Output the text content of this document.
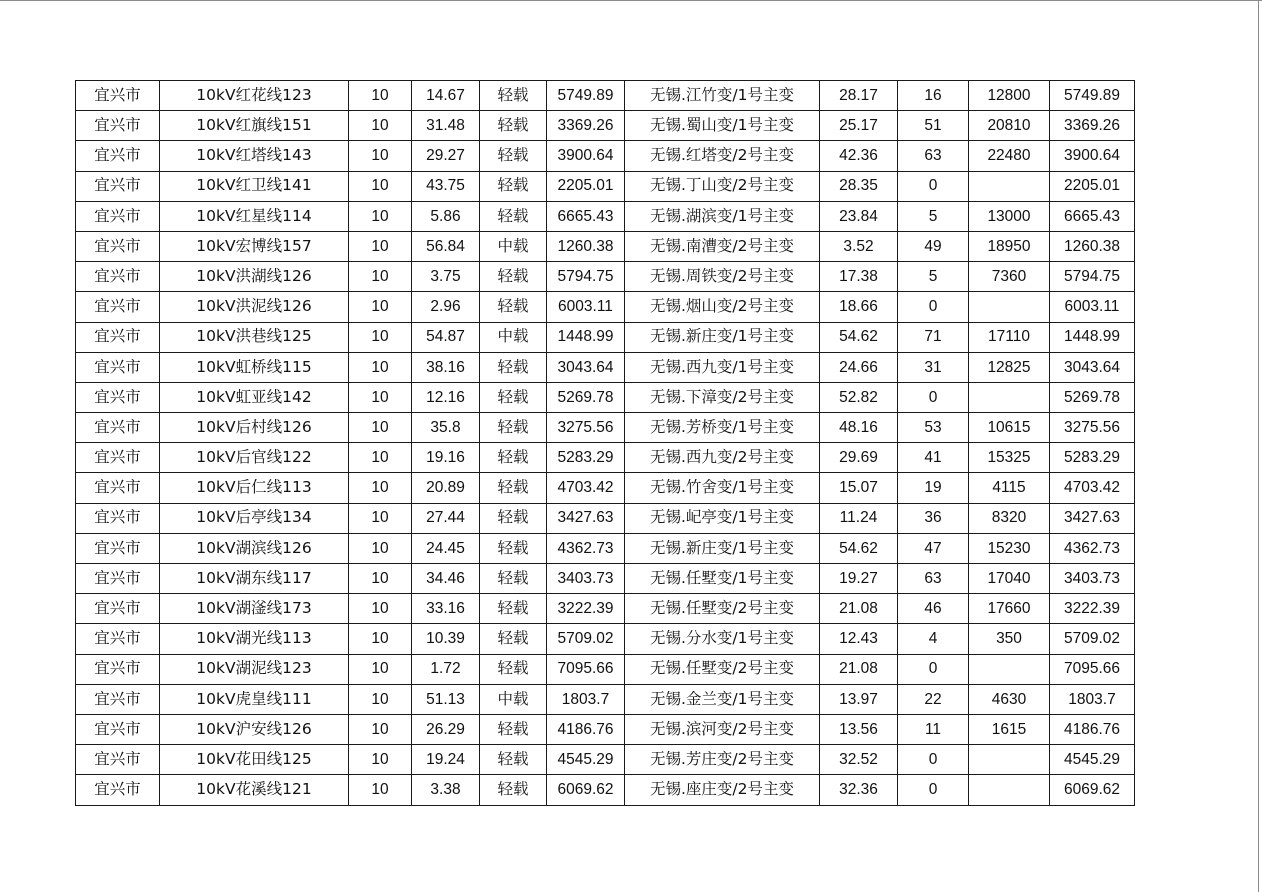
宜兴市	10kV红花线123	10	14.67	轻载	5749.89	无锡.江竹变/1号主变	28.17	16	12800	5749.89
宜兴市	10kV红旗线151	10	31.48	轻载	3369.26	无锡.蜀山变/1号主变	25.17	51	20810	3369.26
宜兴市	10kV红塔线143	10	29.27	轻载	3900.64	无锡.红塔变/2号主变	42.36	63	22480	3900.64
宜兴市	10kV红卫线141	10	43.75	轻载	2205.01	无锡.丁山变/2号主变	28.35	0		2205.01
宜兴市	10kV红星线114	10	5.86	轻载	6665.43	无锡.湖滨变/1号主变	23.84	5	13000	6665.43
宜兴市	10kV宏博线157	10	56.84	中载	1260.38	无锡.南漕变/2号主变	3.52	49	18950	1260.38
宜兴市	10kV洪湖线126	10	3.75	轻载	5794.75	无锡.周铁变/2号主变	17.38	5	7360	5794.75
宜兴市	10kV洪泥线126	10	2.96	轻载	6003.11	无锡.烟山变/2号主变	18.66	0		6003.11
宜兴市	10kV洪巷线125	10	54.87	中载	1448.99	无锡.新庄变/1号主变	54.62	71	17110	1448.99
宜兴市	10kV虹桥线115	10	38.16	轻载	3043.64	无锡.西九变/1号主变	24.66	31	12825	3043.64
宜兴市	10kV虹亚线142	10	12.16	轻载	5269.78	无锡.下漳变/2号主变	52.82	0		5269.78
宜兴市	10kV后村线126	10	35.8	轻载	3275.56	无锡.芳桥变/1号主变	48.16	53	10615	3275.56
宜兴市	10kV后官线122	10	19.16	轻载	5283.29	无锡.西九变/2号主变	29.69	41	15325	5283.29
宜兴市	10kV后仁线113	10	20.89	轻载	4703.42	无锡.竹舍变/1号主变	15.07	19	4115	4703.42
宜兴市	10kV后亭线134	10	27.44	轻载	3427.63	无锡.屺亭变/1号主变	11.24	36	8320	3427.63
宜兴市	10kV湖滨线126	10	24.45	轻载	4362.73	无锡.新庄变/1号主变	54.62	47	15230	4362.73
宜兴市	10kV湖东线117	10	34.46	轻载	3403.73	无锡.任墅变/1号主变	19.27	63	17040	3403.73
宜兴市	10kV湖滏线173	10	33.16	轻载	3222.39	无锡.任墅变/2号主变	21.08	46	17660	3222.39
宜兴市	10kV湖光线113	10	10.39	轻载	5709.02	无锡.分水变/1号主变	12.43	4	350	5709.02
宜兴市	10kV湖泥线123	10	1.72	轻载	7095.66	无锡.任墅变/2号主变	21.08	0		7095.66
宜兴市	10kV虎皇线111	10	51.13	中载	1803.7	无锡.金兰变/1号主变	13.97	22	4630	1803.7
宜兴市	10kV沪安线126	10	26.29	轻载	4186.76	无锡.滨河变/2号主变	13.56	11	1615	4186.76
宜兴市	10kV花田线125	10	19.24	轻载	4545.29	无锡.芳庄变/2号主变	32.52	0		4545.29
宜兴市	10kV花溪线121	10	3.38	轻载	6069.62	无锡.座庄变/2号主变	32.36	0		6069.62
